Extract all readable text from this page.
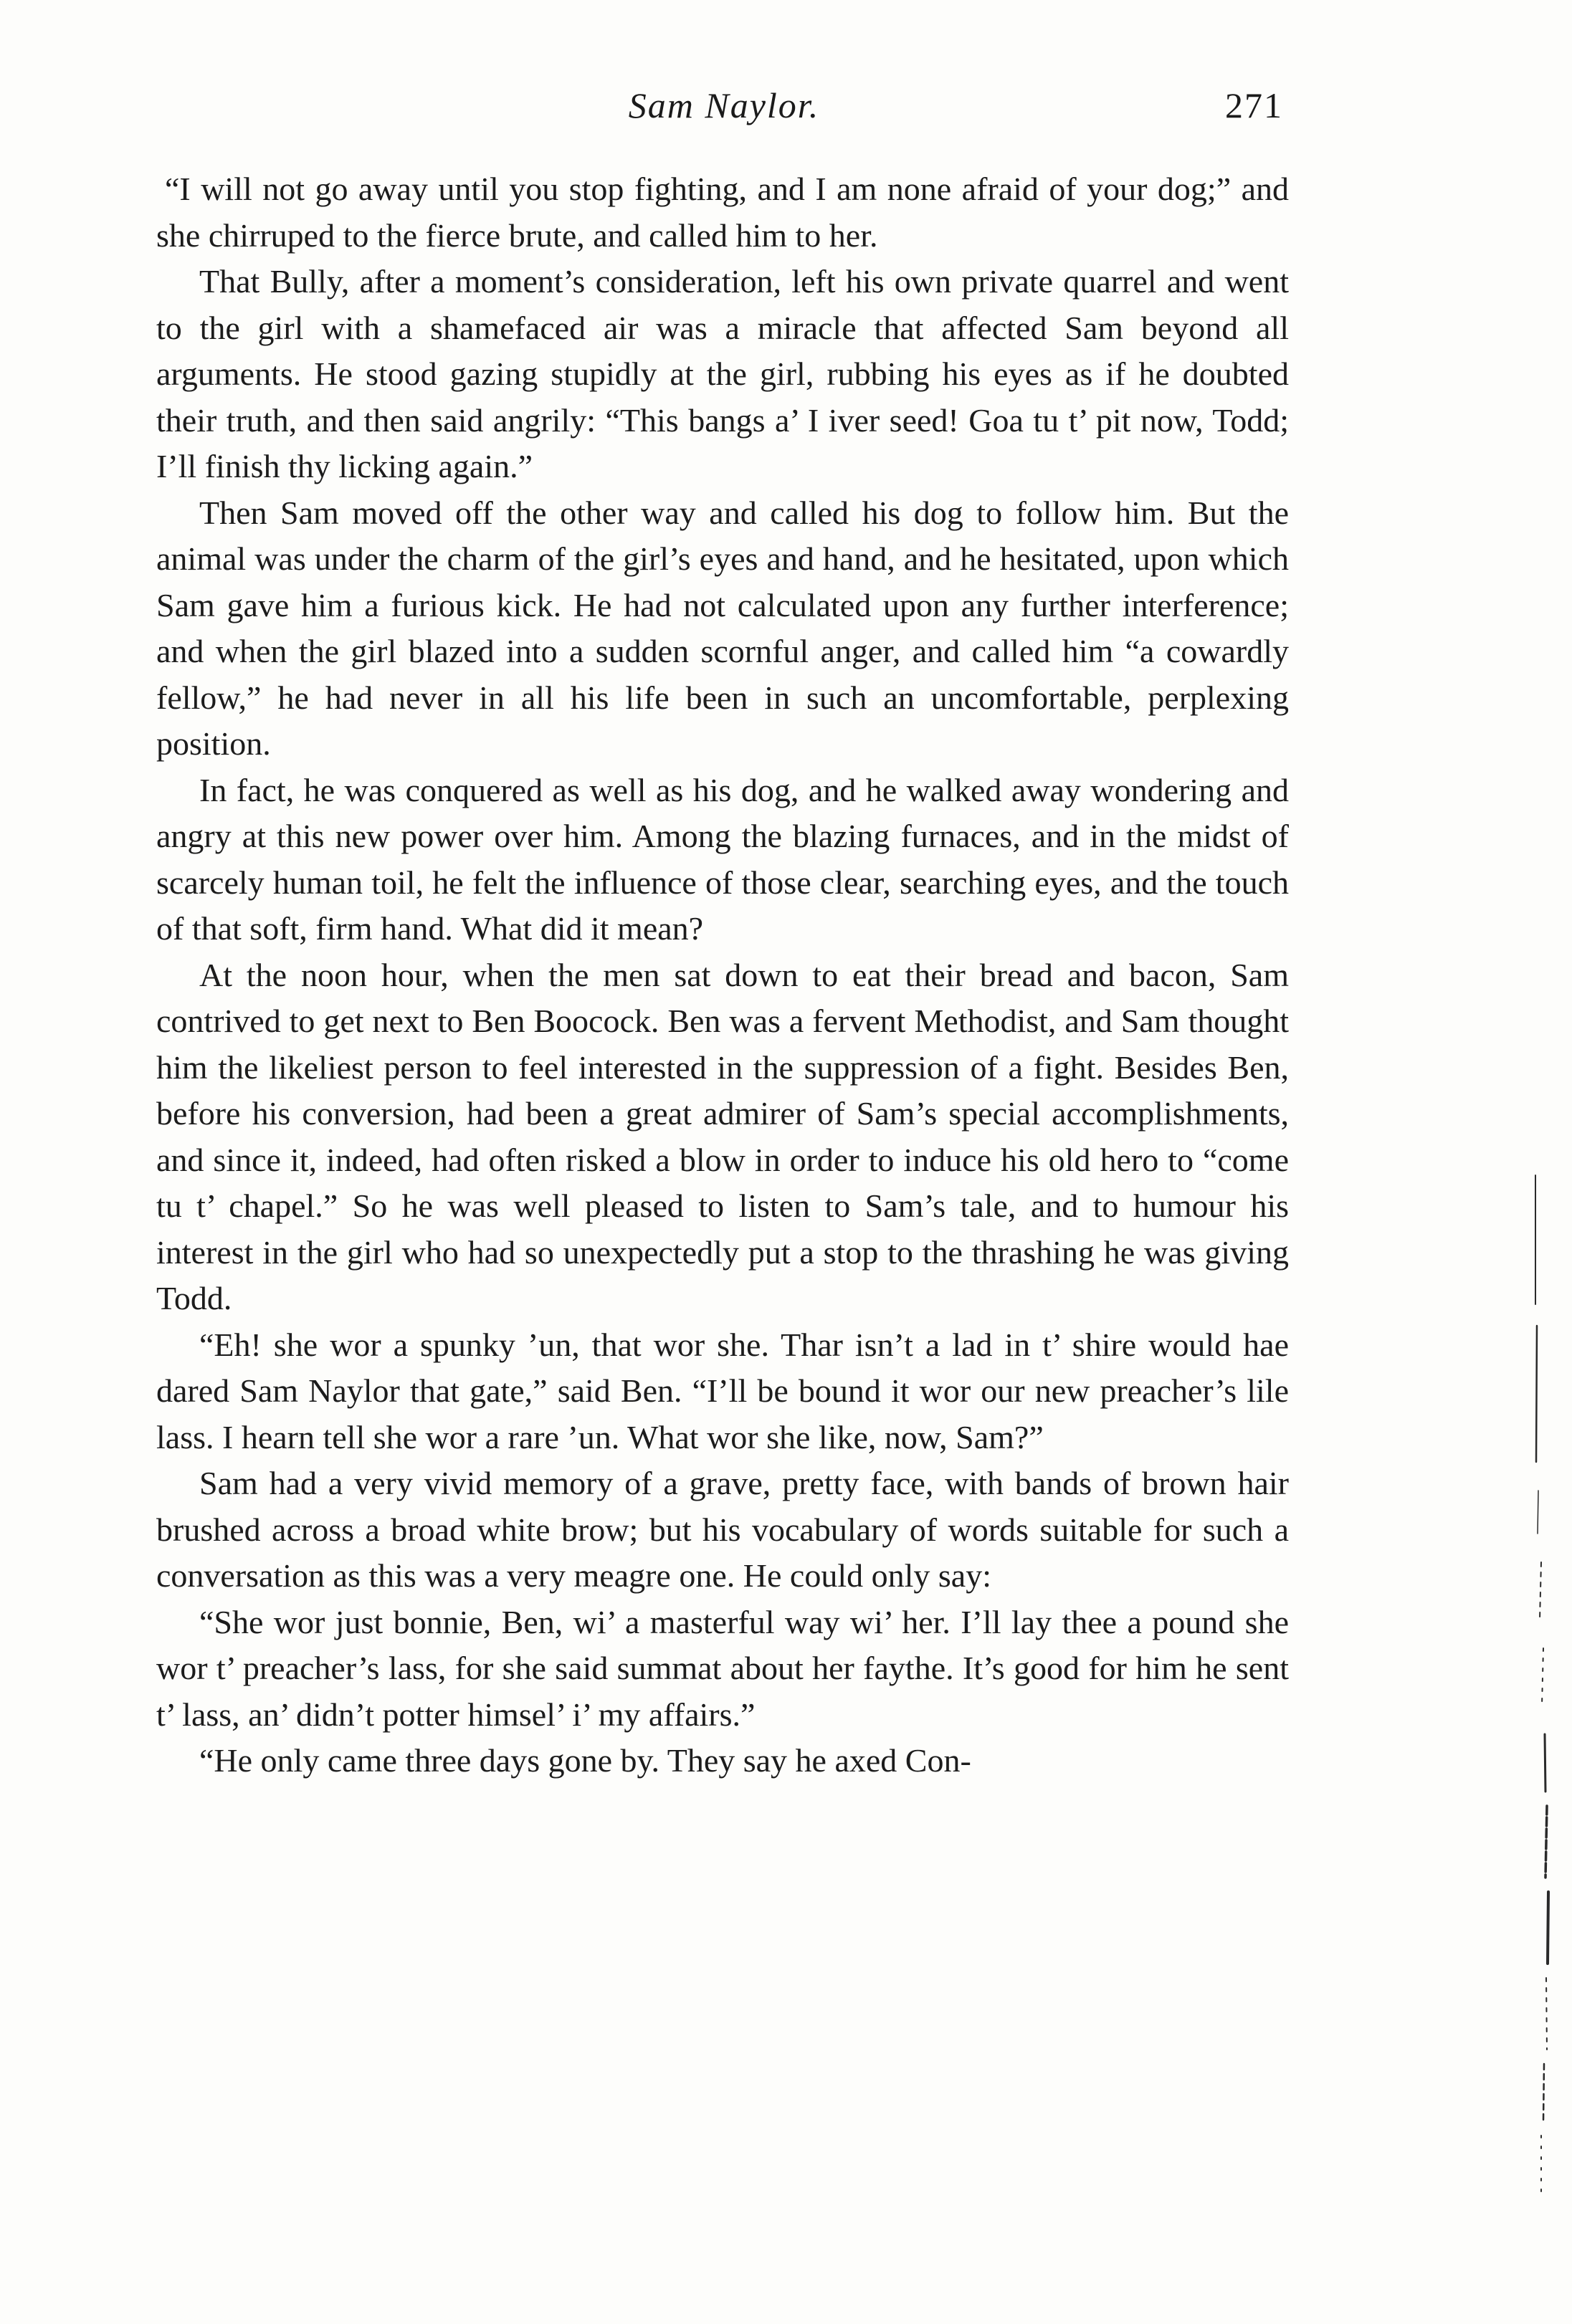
Sam Naylor.	271

“I will not go away until you stop fighting, and I am none afraid of your dog;” and she chirruped to the fierce brute, and called him to her.

That Bully, after a moment’s consideration, left his own private quarrel and went to the girl with a shamefaced air was a miracle that affected Sam beyond all arguments. He stood gazing stupidly at the girl, rubbing his eyes as if he doubted their truth, and then said angrily: “This bangs a’ I iver seed! Goa tu t’ pit now, Todd; I’ll finish thy licking again.”

Then Sam moved off the other way and called his dog to follow him. But the animal was under the charm of the girl’s eyes and hand, and he hesitated, upon which Sam gave him a furious kick. He had not calculated upon any further interference; and when the girl blazed into a sudden scornful anger, and called him “a cowardly fellow,” he had never in all his life been in such an uncomfortable, perplexing position.

In fact, he was conquered as well as his dog, and he walked away wondering and angry at this new power over him. Among the blazing furnaces, and in the midst of scarcely human toil, he felt the influence of those clear, searching eyes, and the touch of that soft, firm hand. What did it mean?

At the noon hour, when the men sat down to eat their bread and bacon, Sam contrived to get next to Ben Boocock. Ben was a fervent Methodist, and Sam thought him the likeliest person to feel interested in the suppression of a fight. Besides Ben, before his conversion, had been a great admirer of Sam’s special accomplishments, and since it, indeed, had often risked a blow in order to induce his old hero to “come tu t’ chapel.” So he was well pleased to listen to Sam’s tale, and to humour his interest in the girl who had so unexpectedly put a stop to the thrashing he was giving Todd.

“Eh! she wor a spunky ’un, that wor she. Thar isn’t a lad in t’ shire would hae dared Sam Naylor that gate,” said Ben. “I’ll be bound it wor our new preacher’s lile lass. I hearn tell she wor a rare ’un. What wor she like, now, Sam?”

Sam had a very vivid memory of a grave, pretty face, with bands of brown hair brushed across a broad white brow; but his vocabulary of words suitable for such a conversation as this was a very meagre one. He could only say:

“She wor just bonnie, Ben, wi’ a masterful way wi’ her. I’ll lay thee a pound she wor t’ preacher’s lass, for she said summat about her faythe. It’s good for him he sent t’ lass, an’ didn’t potter himsel’ i’ my affairs.”

“He only came three days gone by. They say he axed Con-
